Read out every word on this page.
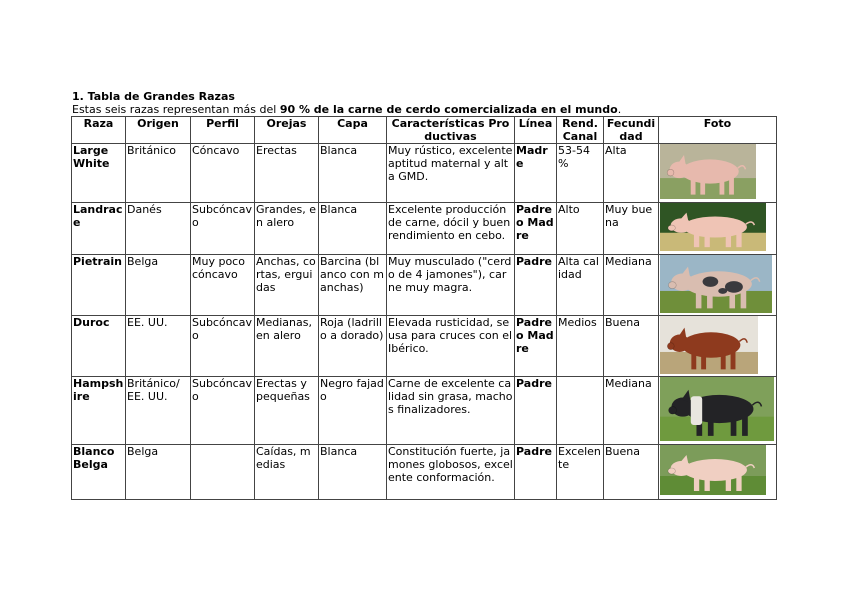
1. Tabla de Grandes Razas
Estas seis razas representan más del 90 % de la carne de cerdo comercializada en el mundo.
Raza	Origen	Perfil	Orejas	Capa	Características Productivas	Línea	Rend. Canal	Fecundidad	Foto
Large White	Británico	Cóncavo	Erectas	Blanca	Muy rústico, excelente aptitud maternal y alta GMD.	Madre	53-54 %	Alta	

Landrace	Danés	Subcóncavo	Grandes, en alero	Blanca	Excelente producción de carne, dócil y buen rendimiento en cebo.	Padre o Madre	Alto	Muy buena	

Pietrain	Belga	Muy poco cóncavo	Anchas, cortas, erguidas	Barcina (blanco con manchas)	Muy musculado ("cerdo de 4 jamones"), carne muy magra.	Padre	Alta calidad	Mediana	

Duroc	EE. UU.	Subcóncavo	Medianas, en alero	Roja (ladrillo a dorado)	Elevada rusticidad, se usa para cruces con el Ibérico.	Padre o Madre	Medios	Buena	

Hampshire	Británico/ EE. UU.	Subcóncavo	Erectas y pequeñas	Negro fajado	Carne de excelente calidad sin grasa, machos finalizadores.	Padre		Mediana	

Blanco Belga	Belga		Caídas, medias	Blanca	Constitución fuerte, jamones globosos, excelente conformación.	Padre	Excelente	Buena	
